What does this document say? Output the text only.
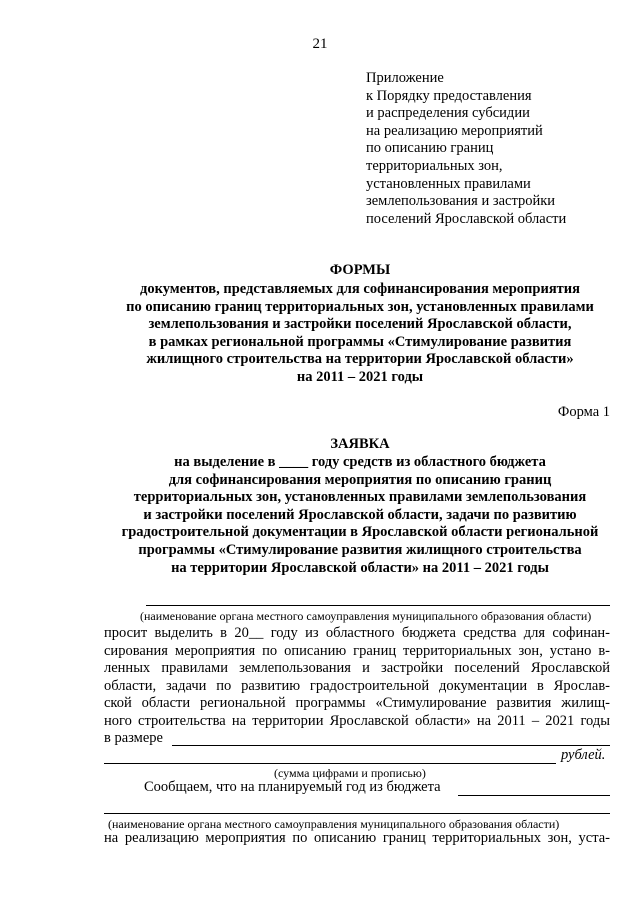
21
Приложение
к Порядку предоставления
и распределения субсидии
на реализацию мероприятий
по описанию границ
территориальных зон,
установленных правилами
землепользования и застройки
поселений Ярославской области
ФОРМЫ
документов, представляемых для софинансирования мероприятия
по описанию границ территориальных зон, установленных правилами
землепользования и застройки поселений Ярославской области,
в рамках региональной программы «Стимулирование развития
жилищного строительства на территории Ярославской области»
на 2011 – 2021 годы
Форма 1
ЗАЯВКА
на выделение в ____ году средств из областного бюджета
для софинансирования мероприятия по описанию границ
территориальных зон, установленных правилами землепользования
и застройки поселений Ярославской области, задачи по развитию
градостроительной документации в Ярославской области региональной
программы «Стимулирование развития жилищного строительства
на территории Ярославской области» на 2011 – 2021 годы
(наименование органа местного самоуправления муниципального образования области)
просит выделить в 20__ году из областного бюджета средства для софинан-
сирования мероприятия по описанию границ территориальных зон, устано в-
ленных правилами землепользования и застройки поселений Ярославской
области, задачи по развитию градостроительной документации в Ярослав-
ской области региональной программы «Стимулирование развития жилищ-
ного строительства на территории Ярославской области» на 2011 – 2021 годы
в размере
рублей.
(сумма цифрами и прописью)
Сообщаем, что на планируемый год из бюджета
(наименование органа местного самоуправления муниципального образования области)
на реализацию мероприятия по описанию границ территориальных зон, уста-
